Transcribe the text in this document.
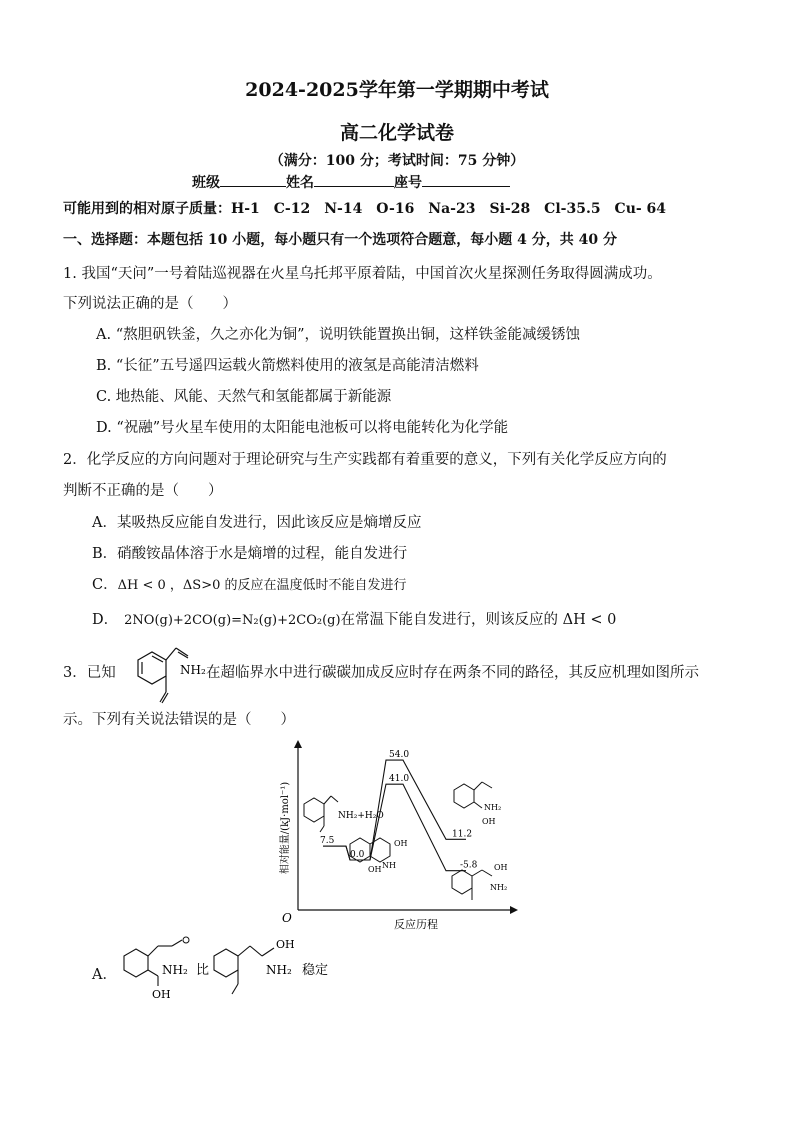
2024-2025学年第一学期期中考试
高二化学试卷
（满分：100 分；考试时间：75 分钟）
班级	姓名	座号
可能用到的相对原子质量：H-1　C-12　N-14　O-16　Na-23　Si-28　Cl-35.5　Cu- 64
一、选择题：本题包括 10 小题，每小题只有一个选项符合题意，每小题 4 分，共 40 分
1. 我国“天问”一号着陆巡视器在火星乌托邦平原着陆，中国首次火星探测任务取得圆满成功。
下列说法正确的是（　　）
A. “熬胆矾铁釜，久之亦化为铜”，说明铁能置换出铜，这样铁釜能减缓锈蚀
B. “长征”五号遥四运载火箭燃料使用的液氢是高能清洁燃料
C. 地热能、风能、天然气和氢能都属于新能源
D. “祝融”号火星车使用的太阳能电池板可以将电能转化为化学能
2．化学反应的方向问题对于理论研究与生产实践都有着重要的意义，下列有关化学反应方向的
判断不正确的是（　　）
A．某吸热反应能自发进行，因此该反应是熵增反应
B．硝酸铵晶体溶于水是熵增的过程，能自发进行
C．ΔH < 0 ，ΔS>0 的反应在温度低时不能自发进行
D． 2NO(g)+2CO(g)=N₂(g)+2CO₂(g)在常温下能自发进行，则该反应的 ΔH < 0
3．已知	NH₂ 在超临界水中进行碳碳加成反应时存在两条不同的路径，其反应机理如图所示
示。下列有关说法错误的是（　　）
O	反应历程
相对能量/(kJ·mol⁻¹)	7.5
0.0
54.0
41.0
11.2
-5.8
NH₂+H₂O
OH
NH
OH
NH₂
OH
OH
NH₂
A．	NH₂
OH
比	NH₂
OH
稳定
